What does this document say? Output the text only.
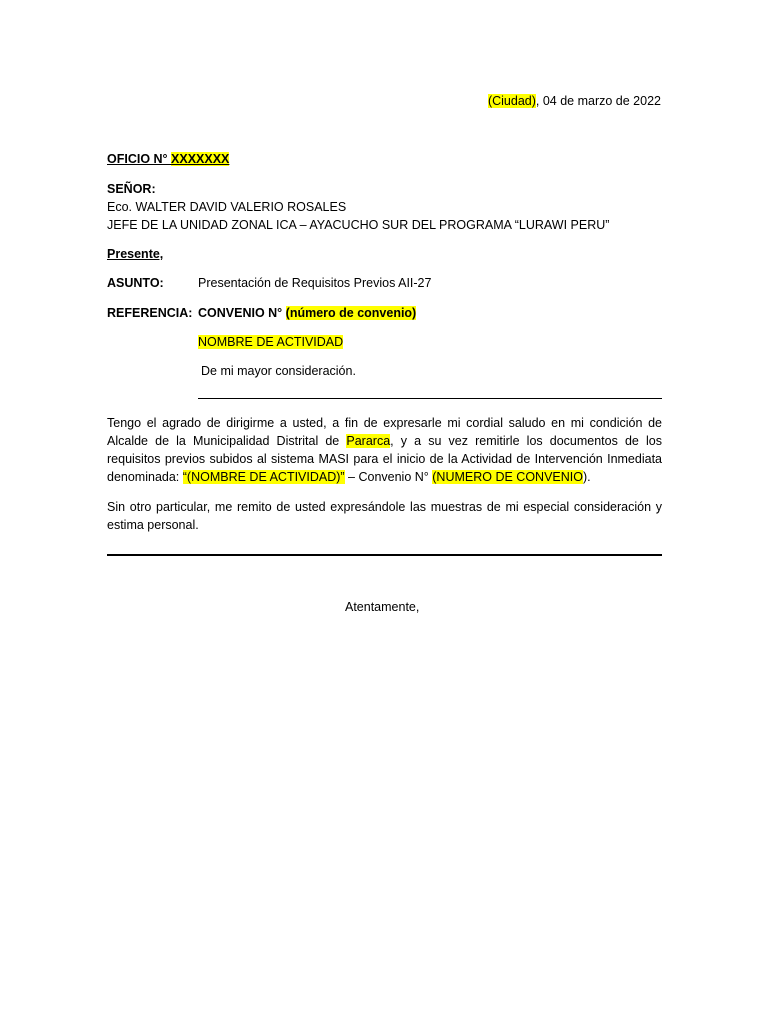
(Ciudad), 04 de marzo de 2022
OFICIO N° XXXXXXX
SEÑOR:
Eco. WALTER DAVID VALERIO ROSALES
JEFE DE LA UNIDAD ZONAL ICA – AYACUCHO SUR DEL PROGRAMA “LURAWI PERU”
Presente,
ASUNTO:	Presentación de Requisitos Previos AII-27
REFERENCIA: CONVENIO N° (número de convenio)
NOMBRE DE ACTIVIDAD
De mi mayor consideración.
Tengo el agrado de dirigirme a usted, a fin de expresarle mi cordial saludo en mi condición de Alcalde de la Municipalidad Distrital de Pararca, y a su vez remitirle los documentos de los requisitos previos subidos al sistema MASI para el inicio de la Actividad de Intervención Inmediata denominada: “(NOMBRE DE ACTIVIDAD)” – Convenio N° (NUMERO DE CONVENIO).
Sin otro particular, me remito de usted expresándole las muestras de mi especial consideración y estima personal.
Atentamente,
